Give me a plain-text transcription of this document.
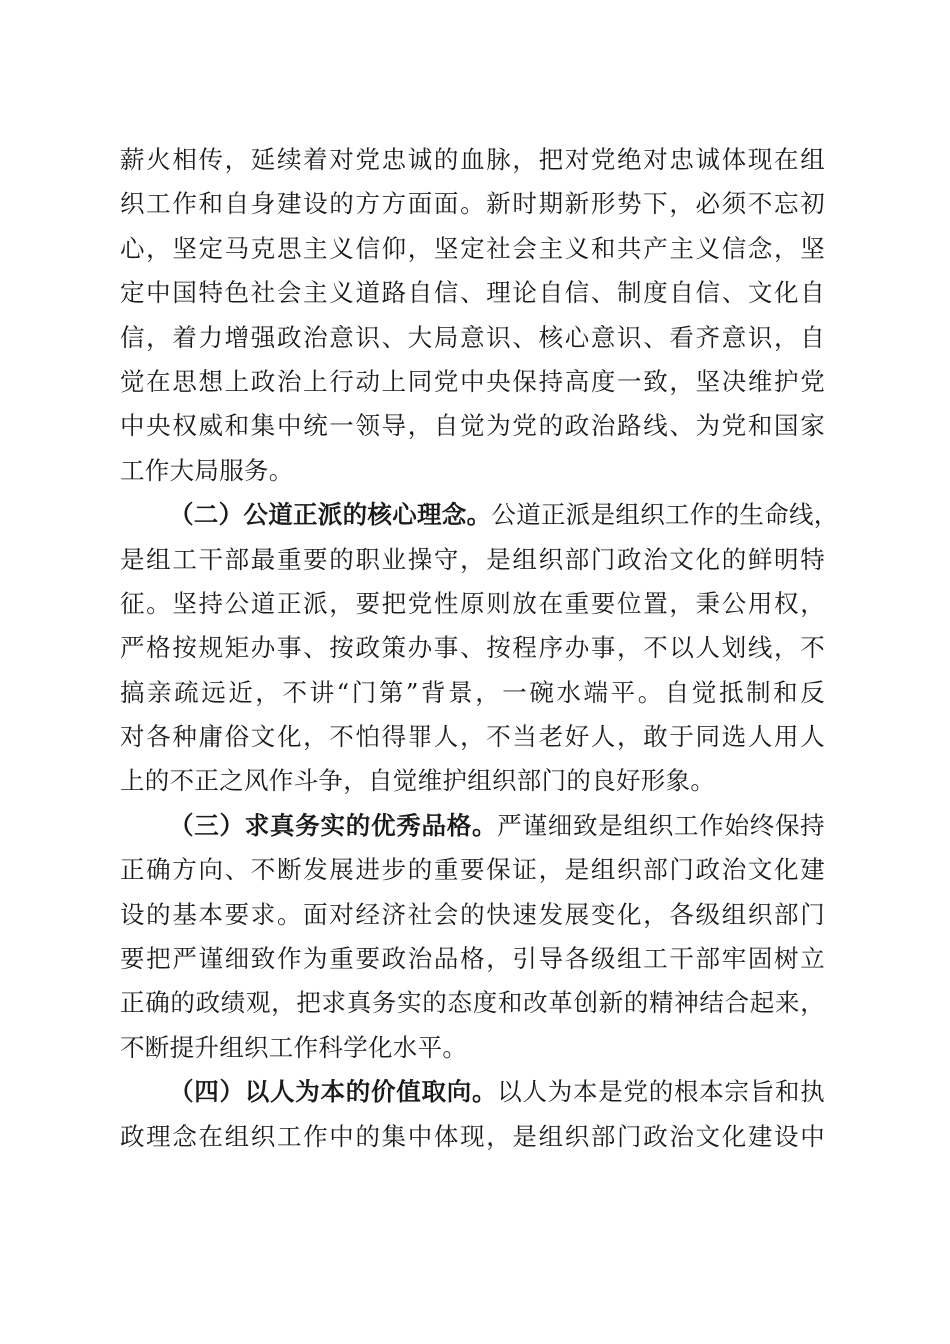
薪火相传，延续着对党忠诚的血脉，把对党绝对忠诚体现在组
织工作和自身建设的方方面面。新时期新形势下，必须不忘初
心，坚定马克思主义信仰，坚定社会主义和共产主义信念，坚
定中国特色社会主义道路自信、理论自信、制度自信、文化自
信，着力增强政治意识、大局意识、核心意识、看齐意识，自
觉在思想上政治上行动上同党中央保持高度一致，坚决维护党
中央权威和集中统一领导，自觉为党的政治路线、为党和国家
工作大局服务。
（二）公道正派的核心理念。公道正派是组织工作的生命线，
是组工干部最重要的职业操守，是组织部门政治文化的鲜明特
征。坚持公道正派，要把党性原则放在重要位置，秉公用权，
严格按规矩办事、按政策办事、按程序办事，不以人划线，不
搞亲疏远近，不讲“门第”背景，一碗水端平。自觉抵制和反
对各种庸俗文化，不怕得罪人，不当老好人，敢于同选人用人
上的不正之风作斗争，自觉维护组织部门的良好形象。
（三）求真务实的优秀品格。严谨细致是组织工作始终保持
正确方向、不断发展进步的重要保证，是组织部门政治文化建
设的基本要求。面对经济社会的快速发展变化，各级组织部门
要把严谨细致作为重要政治品格，引导各级组工干部牢固树立
正确的政绩观，把求真务实的态度和改革创新的精神结合起来，
不断提升组织工作科学化水平。
（四）以人为本的价值取向。以人为本是党的根本宗旨和执
政理念在组织工作中的集中体现，是组织部门政治文化建设中
